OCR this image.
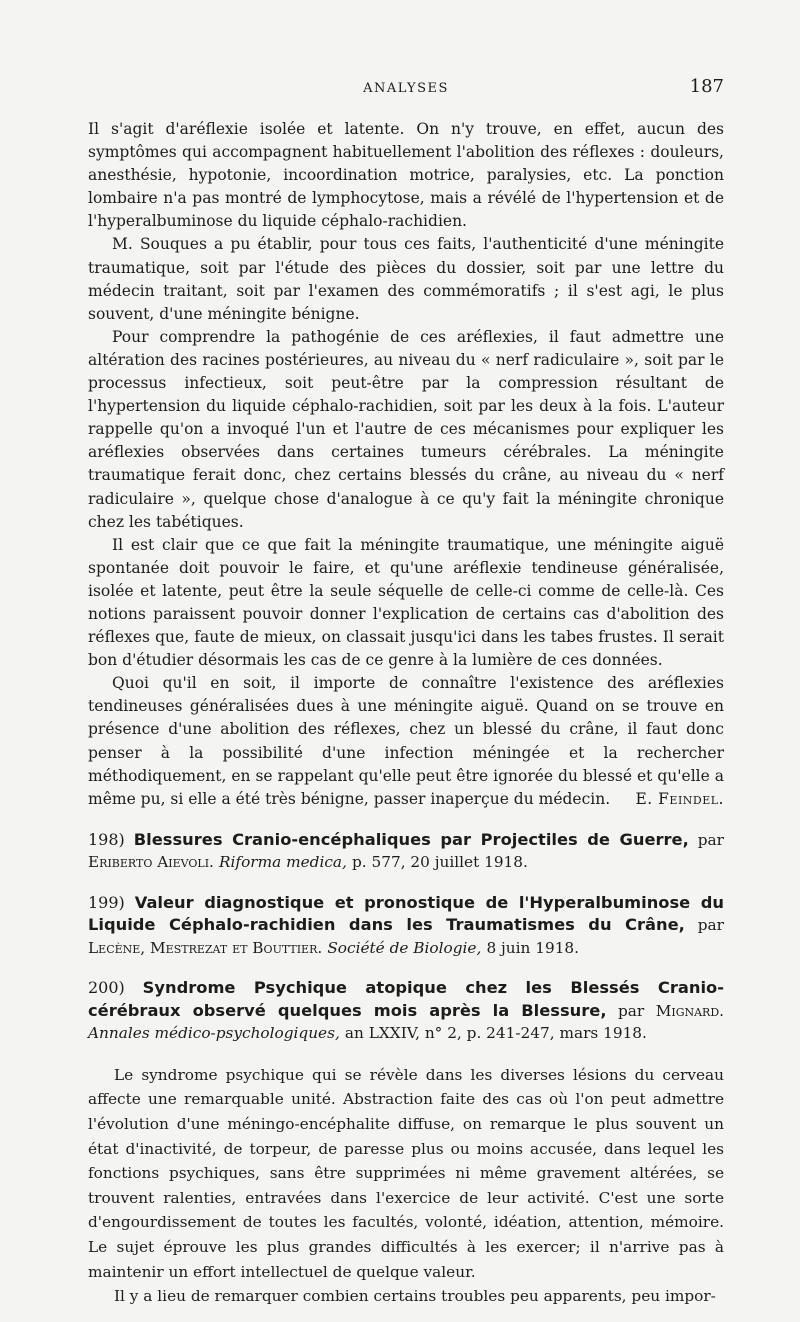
ANALYSES	187

Il s'agit d'aréflexie isolée et latente. On n'y trouve, en effet, aucun des symptômes qui accompagnent habituellement l'abolition des réflexes : douleurs, anesthésie, hypotonie, incoordination motrice, paralysies, etc. La ponction lombaire n'a pas montré de lymphocytose, mais a révélé de l'hypertension et de l'hyperalbuminose du liquide céphalo-rachidien.

M. Souques a pu établir, pour tous ces faits, l'authenticité d'une méningite traumatique, soit par l'étude des pièces du dossier, soit par une lettre du médecin traitant, soit par l'examen des commémoratifs ; il s'est agi, le plus souvent, d'une méningite bénigne.

Pour comprendre la pathogénie de ces aréflexies, il faut admettre une altération des racines postérieures, au niveau du « nerf radiculaire », soit par le processus infectieux, soit peut-être par la compression résultant de l'hypertension du liquide céphalo-rachidien, soit par les deux à la fois. L'auteur rappelle qu'on a invoqué l'un et l'autre de ces mécanismes pour expliquer les aréflexies observées dans certaines tumeurs cérébrales. La méningite traumatique ferait donc, chez certains blessés du crâne, au niveau du « nerf radiculaire », quelque chose d'analogue à ce qu'y fait la méningite chronique chez les tabétiques.

Il est clair que ce que fait la méningite traumatique, une méningite aiguë spontanée doit pouvoir le faire, et qu'une aréflexie tendineuse généralisée, isolée et latente, peut être la seule séquelle de celle-ci comme de celle-là. Ces notions paraissent pouvoir donner l'explication de certains cas d'abolition des réflexes que, faute de mieux, on classait jusqu'ici dans les tabes frustes. Il serait bon d'étudier désormais les cas de ce genre à la lumière de ces données.

Quoi qu'il en soit, il importe de connaître l'existence des aréflexies tendineuses généralisées dues à une méningite aiguë. Quand on se trouve en présence d'une abolition des réflexes, chez un blessé du crâne, il faut donc penser à la possibilité d'une infection méningée et la rechercher méthodiquement, en se rappelant qu'elle peut être ignorée du blessé et qu'elle a même pu, si elle a été très bénigne, passer inaperçue du médecin.	E. Feindel.

198) Blessures Cranio-encéphaliques par Projectiles de Guerre, par Eriberto Aievoli. Riforma medica, p. 577, 20 juillet 1918.

199) Valeur diagnostique et pronostique de l'Hyperalbuminose du Liquide Céphalo-rachidien dans les Traumatismes du Crâne, par Lecène, Mestrezat et Bouttier. Société de Biologie, 8 juin 1918.

200) Syndrome Psychique atopique chez les Blessés Cranio-cérébraux observé quelques mois après la Blessure, par Mignard. Annales médico-psychologiques, an LXXIV, n° 2, p. 241-247, mars 1918.

Le syndrome psychique qui se révèle dans les diverses lésions du cerveau affecte une remarquable unité. Abstraction faite des cas où l'on peut admettre l'évolution d'une méningo-encéphalite diffuse, on remarque le plus souvent un état d'inactivité, de torpeur, de paresse plus ou moins accusée, dans lequel les fonctions psychiques, sans être supprimées ni même gravement altérées, se trouvent ralenties, entravées dans l'exercice de leur activité. C'est une sorte d'engourdissement de toutes les facultés, volonté, idéation, attention, mémoire. Le sujet éprouve les plus grandes difficultés à les exercer; il n'arrive pas à maintenir un effort intellectuel de quelque valeur.

Il y a lieu de remarquer combien certains troubles peu apparents, peu impor-
